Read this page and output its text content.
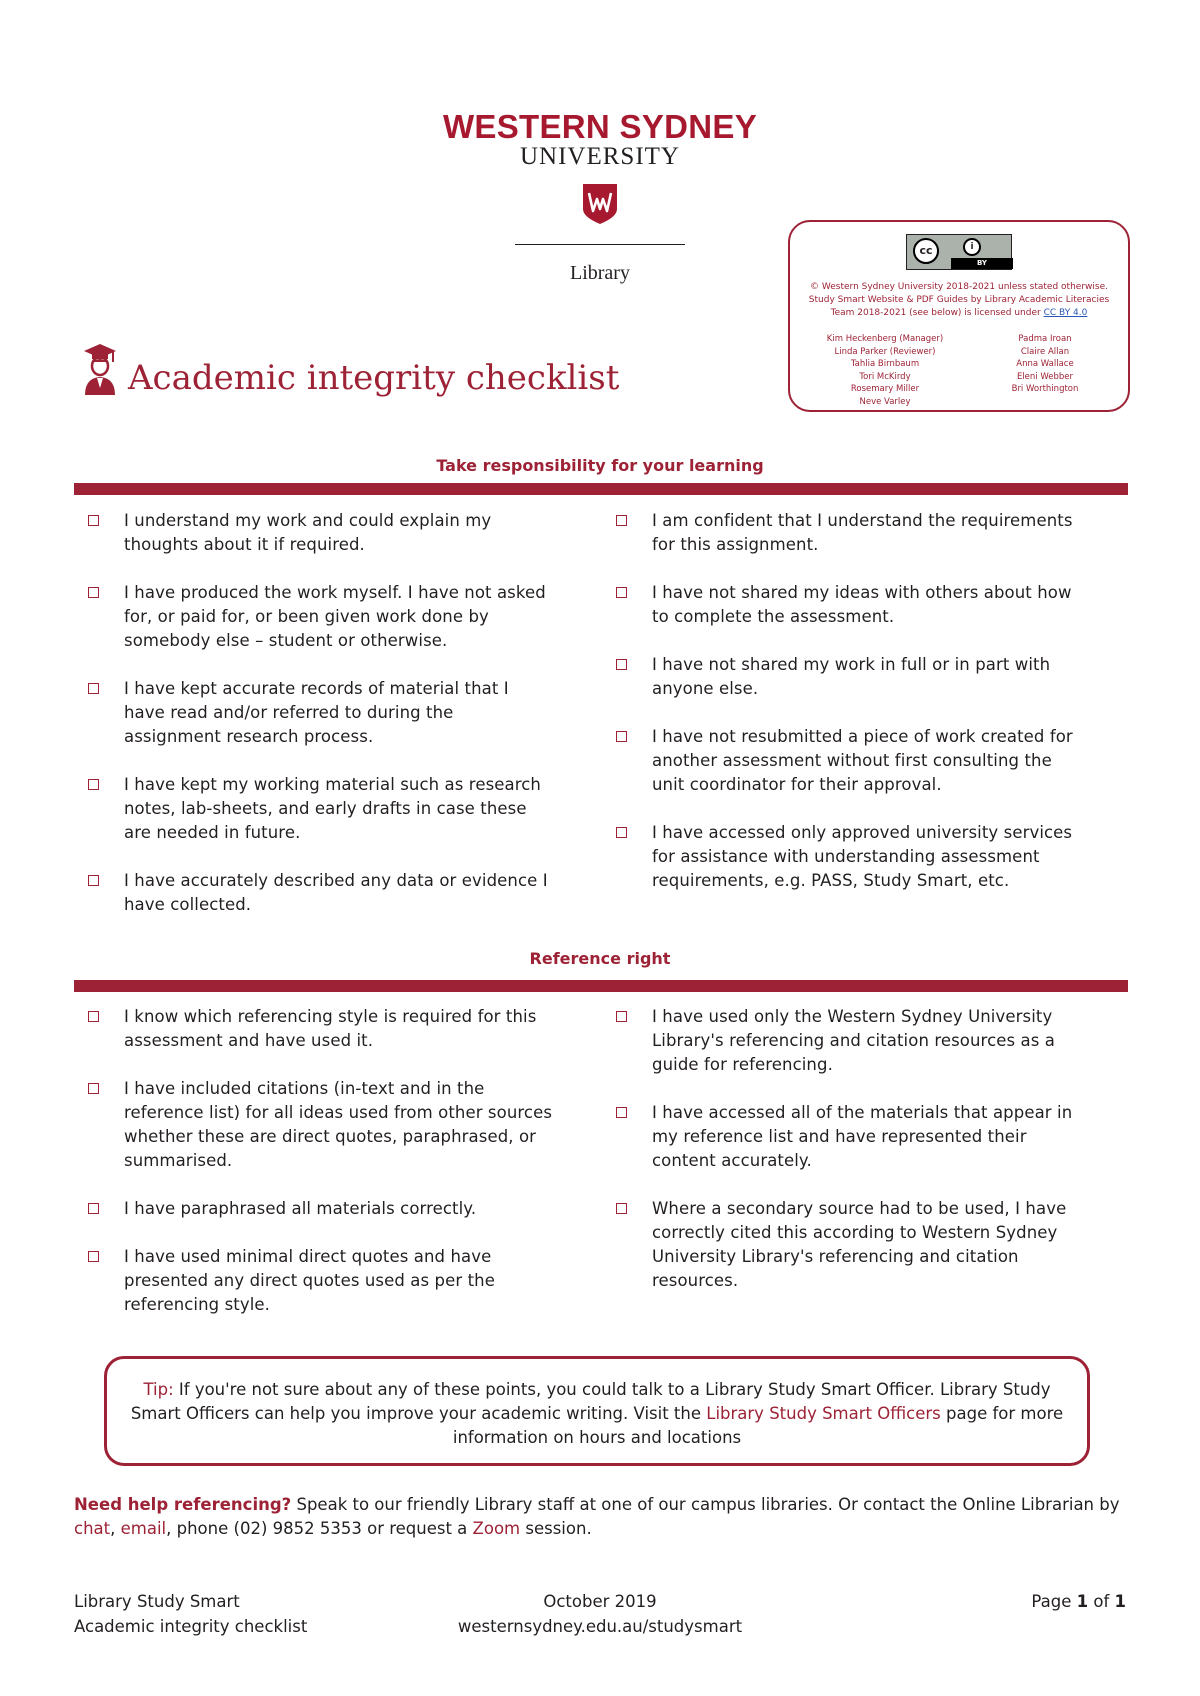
WESTERN SYDNEY
UNIVERSITY
Library
cc	i
BY
© Western Sydney University 2018-2021 unless stated otherwise.
Study Smart Website & PDF Guides by Library Academic Literacies
Team 2018-2021 (see below) is licensed under CC BY 4.0
Kim Heckenberg (Manager)
Linda Parker (Reviewer)
Tahlia Birnbaum
Tori McKirdy
Rosemary Miller
Neve Varley
Padma Iroan
Claire Allan
Anna Wallace
Eleni Webber
Bri Worthington
Academic integrity checklist
Take responsibility for your learning
I understand my work and could explain my thoughts about it if required.
I have produced the work myself. I have not asked for, or paid for, or been given work done by somebody else – student or otherwise.
I have kept accurate records of material that I have read and/or referred to during the assignment research process.
I have kept my working material such as research notes, lab-sheets, and early drafts in case these are needed in future.
I have accurately described any data or evidence I have collected.
I am confident that I understand the requirements for this assignment.
I have not shared my ideas with others about how to complete the assessment.
I have not shared my work in full or in part with anyone else.
I have not resubmitted a piece of work created for another assessment without first consulting the unit coordinator for their approval.
I have accessed only approved university services for assistance with understanding assessment requirements, e.g. PASS, Study Smart, etc.
Reference right
I know which referencing style is required for this assessment and have used it.
I have included citations (in-text and in the reference list) for all ideas used from other sources whether these are direct quotes, paraphrased, or summarised.
I have paraphrased all materials correctly.
I have used minimal direct quotes and have presented any direct quotes used as per the referencing style.
I have used only the Western Sydney University Library's referencing and citation resources as a guide for referencing.
I have accessed all of the materials that appear in my reference list and have represented their content accurately.
Where a secondary source had to be used, I have correctly cited this according to Western Sydney University Library's referencing and citation resources.
Tip: If you're not sure about any of these points, you could talk to a Library Study Smart Officer. Library Study Smart Officers can help you improve your academic writing. Visit the Library Study Smart Officers page for more information on hours and locations
Need help referencing? Speak to our friendly Library staff at one of our campus libraries. Or contact the Online Librarian by chat, email, phone (02) 9852 5353 or request a Zoom session.
Library Study Smart
Academic integrity checklist
October 2019
westernsydney.edu.au/studysmart
Page 1 of 1
